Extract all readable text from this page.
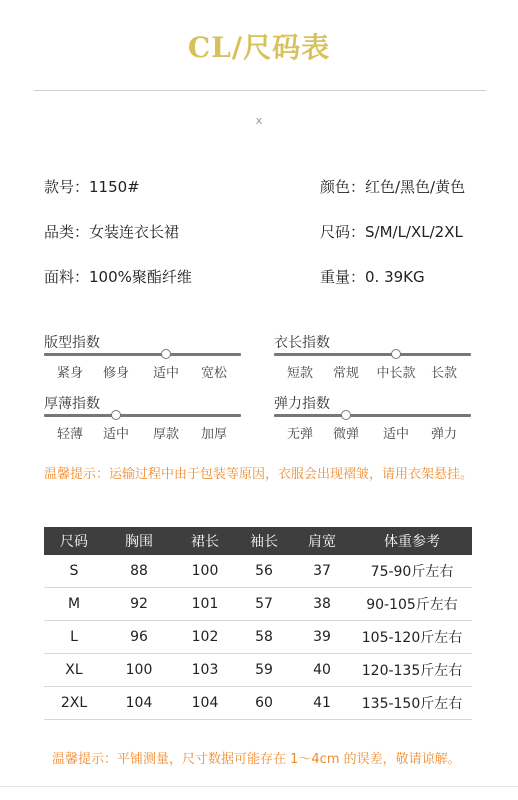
CL/尺码表
x
款号：1150#	颜色：红色/黑色/黄色
品类：女装连衣长裙	尺码：S/M/L/XL/2XL
面料：100%聚酯纤维	重量：0. 39KG
版型指数
紧身	修身	适中	宽松
衣长指数
短款	常规	中长款	长款
厚薄指数
轻薄	适中	厚款	加厚
弹力指数
无弹	微弹	适中	弹力
温馨提示：运输过程中由于包装等原因，衣服会出现褶皱，请用衣架悬挂。
尺码	胸围	裙长	袖长	肩宽	体重参考
S	88	100	56	37	75-90斤左右
M	92	101	57	38	90-105斤左右
L	96	102	58	39	105-120斤左右
XL	100	103	59	40	120-135斤左右
2XL	104	104	60	41	135-150斤左右
温馨提示：平铺测量，尺寸数据可能存在 1～4cm 的误差，敬请谅解。
